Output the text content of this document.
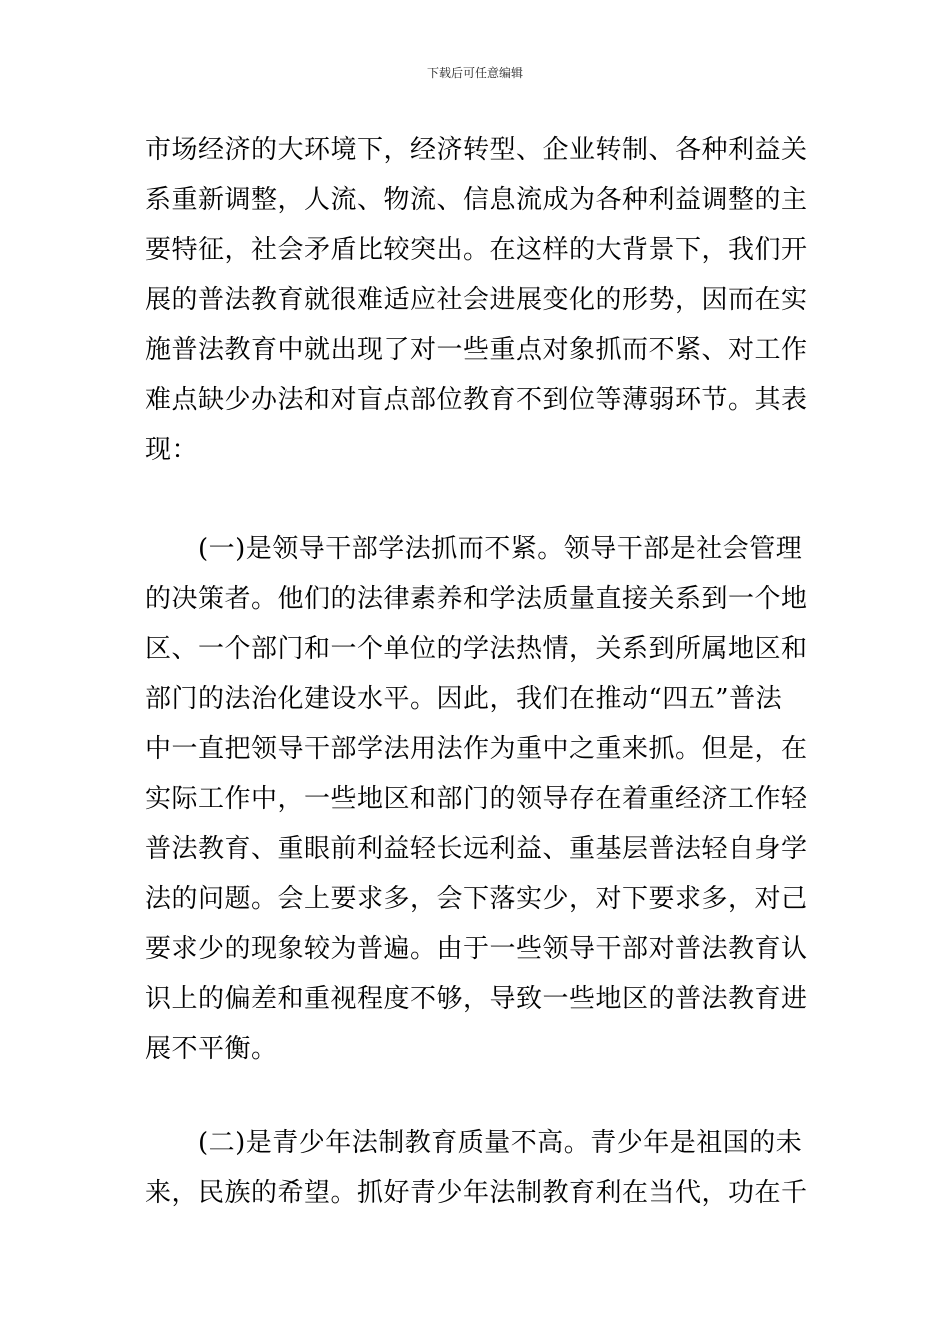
下载后可任意编辑
市场经济的大环境下，经济转型、企业转制、各种利益关
系重新调整，人流、物流、信息流成为各种利益调整的主
要特征，社会矛盾比较突出。在这样的大背景下，我们开
展的普法教育就很难适应社会进展变化的形势，因而在实
施普法教育中就出现了对一些重点对象抓而不紧、对工作
难点缺少办法和对盲点部位教育不到位等薄弱环节。其表
现：
　　(一)是领导干部学法抓而不紧。领导干部是社会管理
的决策者。他们的法律素养和学法质量直接关系到一个地
区、一个部门和一个单位的学法热情，关系到所属地区和
部门的法治化建设水平。因此，我们在推动“四五”普法
中一直把领导干部学法用法作为重中之重来抓。但是，在
实际工作中，一些地区和部门的领导存在着重经济工作轻
普法教育、重眼前利益轻长远利益、重基层普法轻自身学
法的问题。会上要求多，会下落实少，对下要求多，对己
要求少的现象较为普遍。由于一些领导干部对普法教育认
识上的偏差和重视程度不够，导致一些地区的普法教育进
展不平衡。
　　(二)是青少年法制教育质量不高。青少年是祖国的未
来，民族的希望。抓好青少年法制教育利在当代，功在千
